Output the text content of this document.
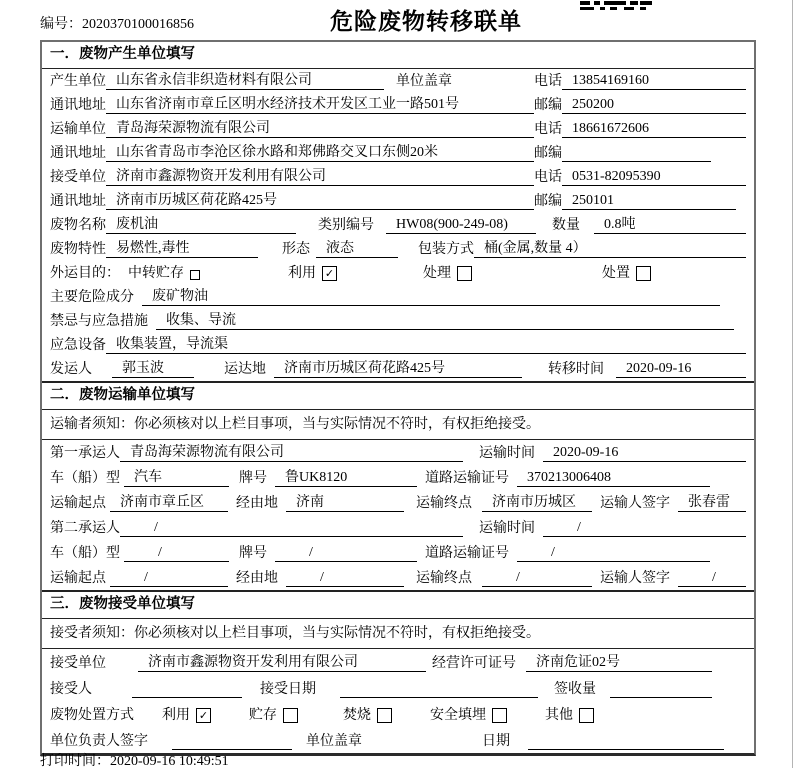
编号：2020370100016856	危险废物转移联单
一．废物产生单位填写
产生单位 山东省永信非织造材料有限公司	单位盖章	电话 13854169160
通讯地址 山东省济南市章丘区明水经济技术开发区工业一路501号	邮编 250200
运输单位 青岛海荣源物流有限公司	电话 18661672606
通讯地址 山东省青岛市李沧区徐水路和郑佛路交叉口东侧20米	邮编
接受单位 济南市鑫源物资开发利用有限公司	电话 0531-82095390
通讯地址 济南市历城区荷花路425号	邮编 250101
废物名称 废机油	类别编号	HW08(900-249-08)	数量	0.8吨
废物特性 易燃性,毒性	形态	液态	包装方式 桶(金属,数量 4）
外运目的： 中转贮存	利用 ✓	处理	处置
主要危险成分	废矿物油
禁忌与应急措施	收集、导流
应急设备 收集装置，导流渠
发运人	郭玉波	运达地	济南市历城区荷花路425号	转移时间	2020-09-16
二．废物运输单位填写
运输者须知：你必须核对以上栏目事项，当与实际情况不符时，有权拒绝接受。
第一承运人 青岛海荣源物流有限公司	运输时间	2020-09-16
车（船）型	汽车	牌号	鲁UK8120	道路运输证号	370213006408
运输起点	济南市章丘区	经由地	济南	运输终点	济南市历城区	运输人签字	张春雷
第二承运人	/	运输时间	/
车（船）型	/	牌号	/	道路运输证号	/
运输起点	/	经由地	/	运输终点	/	运输人签字	/
三．废物接受单位填写
接受者须知：你必须核对以上栏目事项，当与实际情况不符时，有权拒绝接受。
接受单位	济南市鑫源物资开发利用有限公司	经营许可证号	济南危证02号
接受人	接受日期	签收量
废物处置方式 利用 ✓	贮存	焚烧	安全填埋	其他
单位负责人签字	单位盖章	日期
打印时间：2020-09-16 10:49:51
